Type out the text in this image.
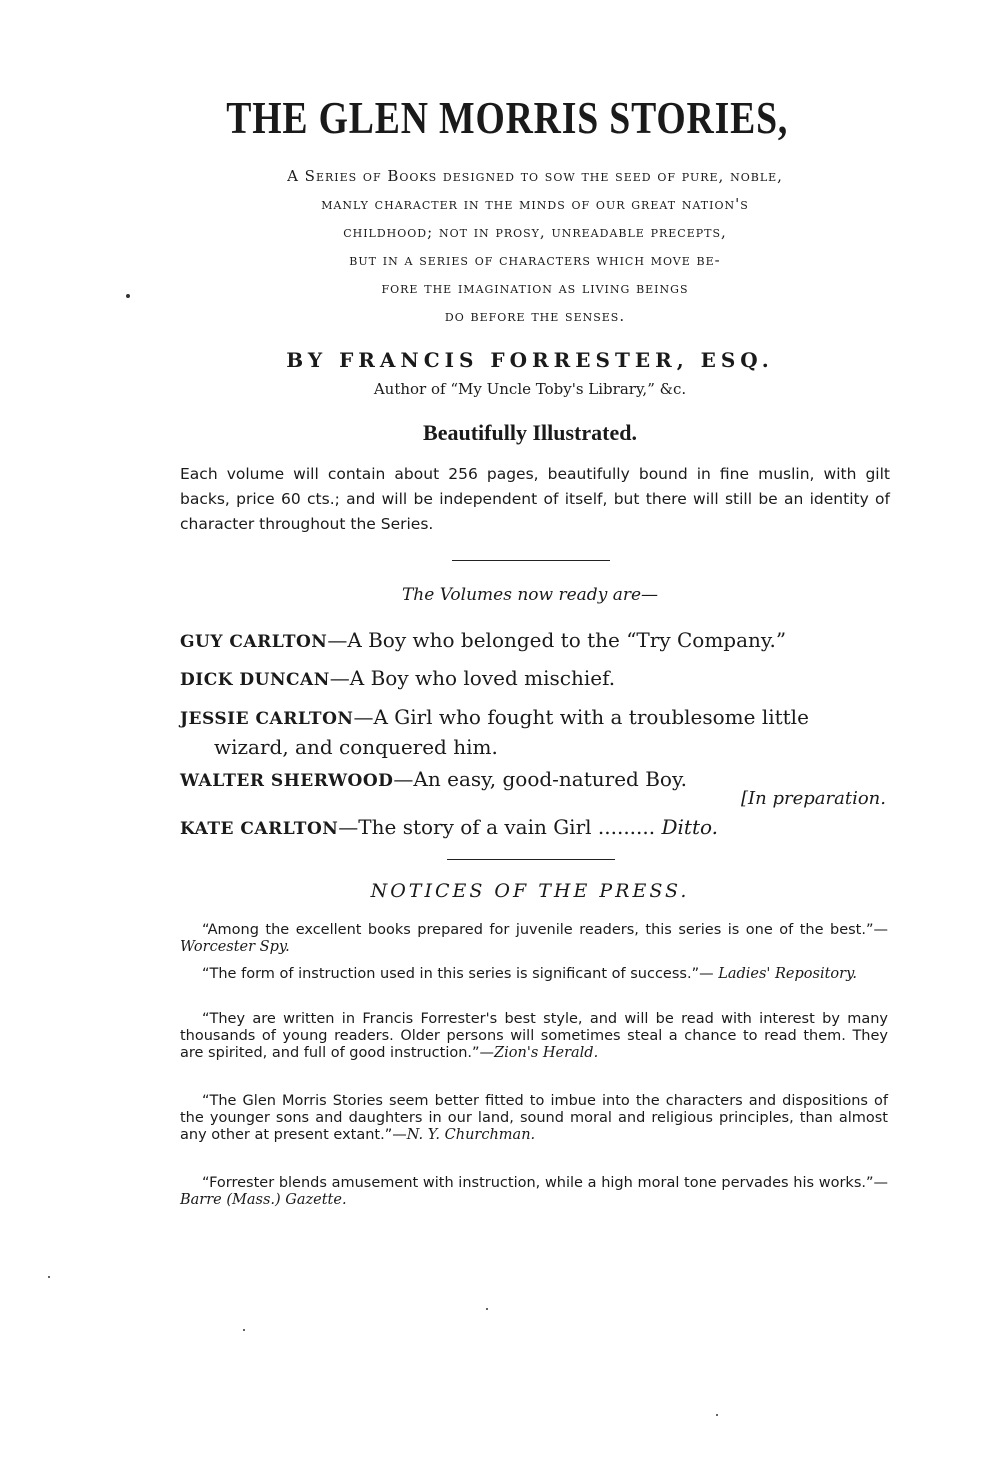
THE GLEN MORRIS STORIES,

A Series of Books designed to sow the seed of pure, noble,

manly character in the minds of our great nation's

childhood; not in prosy, unreadable precepts,

but in a series of characters which move be-

fore the imagination as living beings

do before the senses.

BY FRANCIS FORRESTER, ESQ.

Author of “My Uncle Toby's Library,” &c.

Beautifully Illustrated.

Each volume will contain about 256 pages, beautifully bound in fine muslin, with gilt backs, price 60 cts.; and will be independent of itself, but there will still be an identity of character throughout the Series.

The Volumes now ready are—

GUY CARLTON—A Boy who belonged to the “Try Company.”

DICK DUNCAN—A Boy who loved mischief.

JESSIE CARLTON—A Girl who fought with a troublesome little
wizard, and conquered him.

WALTER SHERWOOD—An easy, good-natured Boy.

[In preparation.

KATE CARLTON—The story of a vain Girl ......... Ditto.

NOTICES OF THE PRESS.

“Among the excellent books prepared for juvenile readers, this series is one of the best.”— Worcester Spy.

“The form of instruction used in this series is significant of success.”— Ladies' Repository.

“They are written in Francis Forrester's best style, and will be read with interest by many thousands of young readers. Older persons will sometimes steal a chance to read them. They are spirited, and full of good instruction.”—Zion's Herald.

“The Glen Morris Stories seem better fitted to imbue into the characters and dispositions of the younger sons and daughters in our land, sound moral and religious principles, than almost any other at present extant.”—N. Y. Churchman.

“Forrester blends amusement with instruction, while a high moral tone pervades his works.”—Barre (Mass.) Gazette.
